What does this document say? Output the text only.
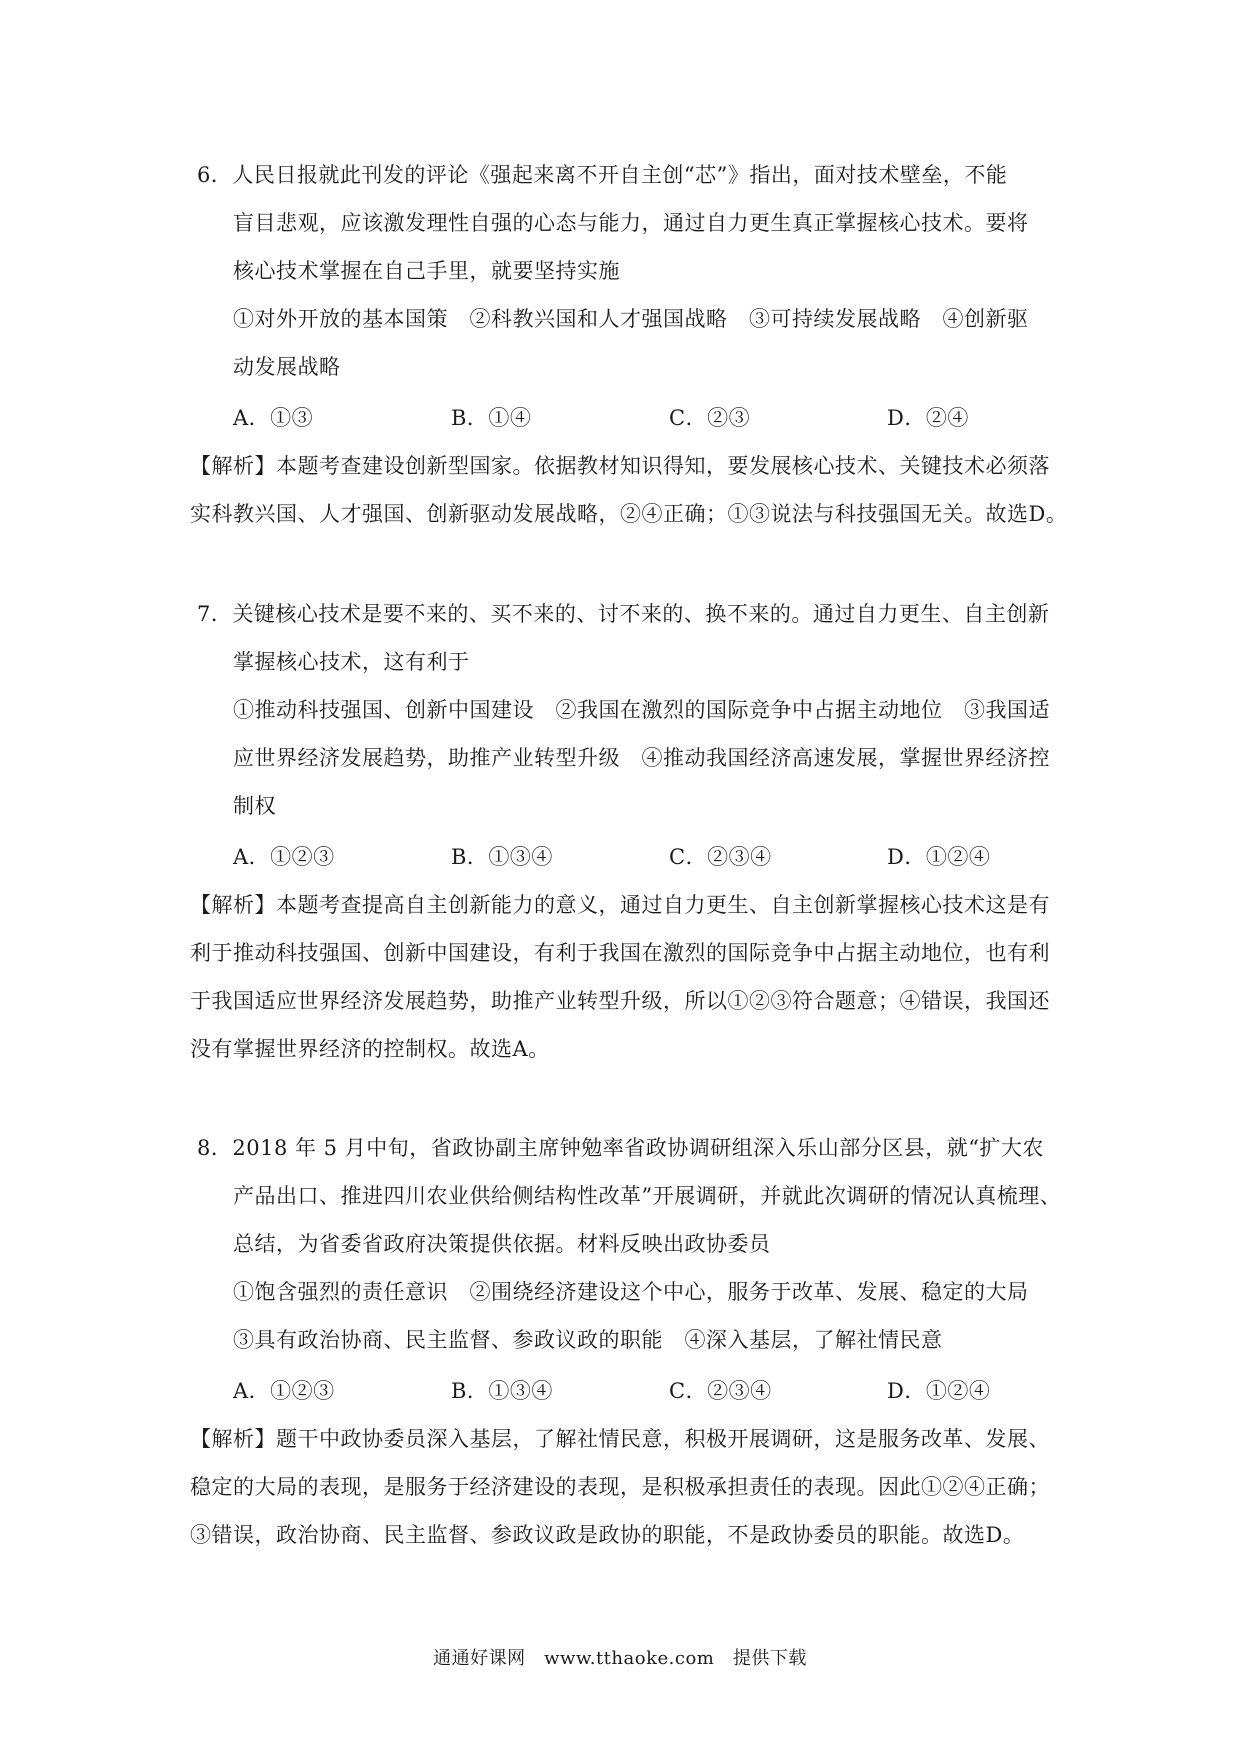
6．人民日报就此刊发的评论《强起来离不开自主创“芯”》指出，面对技术壁垒，不能
盲目悲观，应该激发理性自强的心态与能力，通过自力更生真正掌握核心技术。要将
核心技术掌握在自己手里，就要坚持实施
①对外开放的基本国策　②科教兴国和人才强国战略　③可持续发展战略　④创新驱
动发展战略
A．①③	B．①④	C．②③	D．②④
【解析】本题考查建设创新型国家。依据教材知识得知，要发展核心技术、关键技术必须落
实科教兴国、人才强国、创新驱动发展战略，②④正确；①③说法与科技强国无关。故选D。
7．关键核心技术是要不来的、买不来的、讨不来的、换不来的。通过自力更生、自主创新
掌握核心技术，这有利于
①推动科技强国、创新中国建设　②我国在激烈的国际竞争中占据主动地位　③我国适
应世界经济发展趋势，助推产业转型升级　④推动我国经济高速发展，掌握世界经济控
制权
A．①②③	B．①③④	C．②③④	D．①②④
【解析】本题考查提高自主创新能力的意义，通过自力更生、自主创新掌握核心技术这是有
利于推动科技强国、创新中国建设，有利于我国在激烈的国际竞争中占据主动地位，也有利
于我国适应世界经济发展趋势，助推产业转型升级，所以①②③符合题意；④错误，我国还
没有掌握世界经济的控制权。故选A。
8．2018 年 5 月中旬，省政协副主席钟勉率省政协调研组深入乐山部分区县，就“扩大农
产品出口、推进四川农业供给侧结构性改革”开展调研，并就此次调研的情况认真梳理、
总结，为省委省政府决策提供依据。材料反映出政协委员
①饱含强烈的责任意识　②围绕经济建设这个中心，服务于改革、发展、稳定的大局
③具有政治协商、民主监督、参政议政的职能　④深入基层，了解社情民意
A．①②③	B．①③④	C．②③④	D．①②④
【解析】题干中政协委员深入基层，了解社情民意，积极开展调研，这是服务改革、发展、
稳定的大局的表现，是服务于经济建设的表现，是积极承担责任的表现。因此①②④正确；
③错误，政治协商、民主监督、参政议政是政协的职能，不是政协委员的职能。故选D。
通通好课网　www.tthaoke.com　提供下载
